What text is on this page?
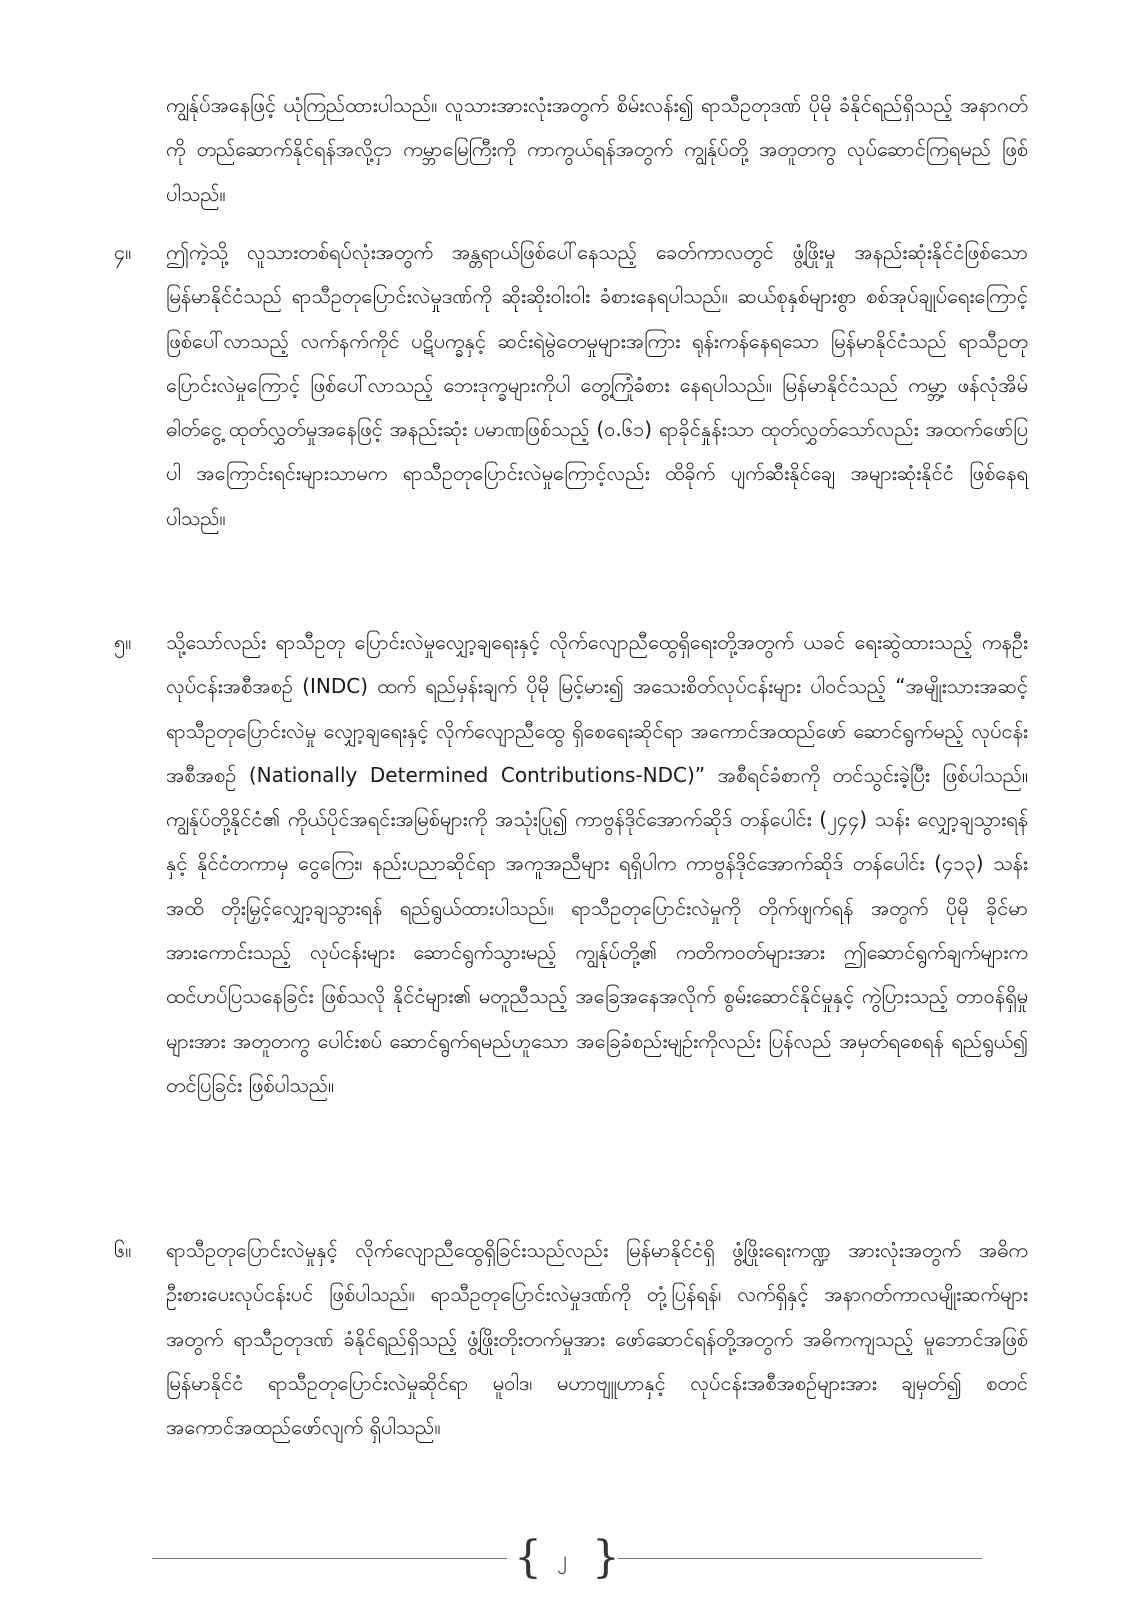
ကျွန်ုပ်အနေဖြင့် ယုံကြည်ထားပါသည်။ လူသားအားလုံးအတွက် စိမ်းလန်း၍ ရာသီဥတုဒဏ် ပိုမို ခံနိုင်ရည်ရှိသည့် အနာဂတ်ကို တည်ဆောက်နိုင်ရန်အလို့ငှာ ကမ္ဘာမြေကြီးကို ကာကွယ်ရန်အတွက် ကျွန်ုပ်တို့ အတူတကွ လုပ်ဆောင်ကြရမည် ဖြစ်ပါသည်။

၄။ ဤကဲ့သို့ လူသားတစ်ရပ်လုံးအတွက် အန္တရာယ်ဖြစ်ပေါ်နေသည့် ခေတ်ကာလတွင် ဖွံ့ဖြိုးမှု အနည်းဆုံးနိုင်ငံဖြစ်သော မြန်မာနိုင်ငံသည် ရာသီဥတုပြောင်းလဲမှုဒဏ်ကို ဆိုးဆိုးဝါးဝါး ခံစားနေရပါသည်။ ဆယ်စုနှစ်များစွာ စစ်အုပ်ချုပ်ရေးကြောင့် ဖြစ်ပေါ်လာသည့် လက်နက်ကိုင် ပဋိပက္ခနှင့် ဆင်းရဲမွဲတေမှုများအကြား ရုန်းကန်နေရသော မြန်မာနိုင်ငံသည် ရာသီဥတုပြောင်းလဲမှုကြောင့် ဖြစ်ပေါ်လာသည့် ဘေးဒုက္ခများကိုပါ တွေ့ကြုံခံစား နေရပါသည်။ မြန်မာနိုင်ငံသည် ကမ္ဘာ့ ဖန်လုံအိမ်ဓါတ်ငွေ့ ထုတ်လွှတ်မှုအနေဖြင့် အနည်းဆုံး ပမာဏဖြစ်သည့် (၀.၆၁) ရာခိုင်နှုန်းသာ ထုတ်လွှတ်သော်လည်း အထက်ဖော်ပြပါ အကြောင်းရင်းများသာမက ရာသီဥတုပြောင်းလဲမှုကြောင့်လည်း ထိခိုက် ပျက်ဆီးနိုင်ချေ အများဆုံးနိုင်ငံ ဖြစ်နေရပါသည်။

၅။ သို့သော်လည်း ရာသီဥတု ပြောင်းလဲမှုလျှော့ချရေးနှင့် လိုက်လျောညီထွေရှိရေးတို့အတွက် ယခင် ရေးဆွဲထားသည့် ကနဦး လုပ်ငန်းအစီအစဉ် (INDC) ထက် ရည်မှန်းချက် ပိုမို မြင့်မား၍ အသေးစိတ်လုပ်ငန်းများ ပါဝင်သည့် “အမျိုးသားအဆင့် ရာသီဥတုပြောင်းလဲမှု လျှော့ချရေးနှင့် လိုက်လျောညီထွေ ရှိစေရေးဆိုင်ရာ အကောင်အထည်ဖော် ဆောင်ရွက်မည့် လုပ်ငန်းအစီအစဉ် (Nationally Determined Contributions-NDC)” အစီရင်ခံစာကို တင်သွင်းခဲ့ပြီး ဖြစ်ပါသည်။ ကျွန်ုပ်တို့နိုင်ငံ၏ ကိုယ်ပိုင်အရင်းအမြစ်များကို အသုံးပြု၍ ကာဗွန်ဒိုင်အောက်ဆိုဒ် တန်ပေါင်း (၂၄၄) သန်း လျှော့ချသွားရန်နှင့် နိုင်ငံတကာမှ ငွေကြေး၊ နည်းပညာဆိုင်ရာ အကူအညီများ ရရှိပါက ကာဗွန်ဒိုင်အောက်ဆိုဒ် တန်ပေါင်း (၄၁၃) သန်း အထိ တိုးမြှင့်လျှော့ချသွားရန် ရည်ရွယ်ထားပါသည်။ ရာသီဥတုပြောင်းလဲမှုကို တိုက်ဖျက်ရန် အတွက် ပိုမို ခိုင်မာအားကောင်းသည့် လုပ်ငန်းများ ဆောင်ရွက်သွားမည့် ကျွန်ုပ်တို့၏ ကတိကဝတ်များအား ဤဆောင်ရွက်ချက်များက ထင်ဟပ်ပြသနေခြင်း ဖြစ်သလို နိုင်ငံများ၏ မတူညီသည့် အခြေအနေအလိုက် စွမ်းဆောင်နိုင်မှုနှင့် ကွဲပြားသည့် တာဝန်ရှိမှုများအား အတူတကွ ပေါင်းစပ် ဆောင်ရွက်ရမည်ဟူသော အခြေခံစည်းမျဉ်းကိုလည်း ပြန်လည် အမှတ်ရစေရန် ရည်ရွယ်၍ တင်ပြခြင်း ဖြစ်ပါသည်။

၆။ ရာသီဥတုပြောင်းလဲမှုနှင့် လိုက်လျောညီထွေရှိခြင်းသည်လည်း မြန်မာနိုင်ငံရှိ ဖွံ့ဖြိုးရေးကဏ္ဍ အားလုံးအတွက် အဓိက ဦးစားပေးလုပ်ငန်းပင် ဖြစ်ပါသည်။ ရာသီဥတုပြောင်းလဲမှုဒဏ်ကို တုံ့ပြန်ရန်၊ လက်ရှိနှင့် အနာဂတ်ကာလမျိုးဆက်များအတွက် ရာသီဥတုဒဏ် ခံနိုင်ရည်ရှိသည့် ဖွံ့ဖြိုးတိုးတက်မှုအား ဖော်ဆောင်ရန်တို့အတွက် အဓိကကျသည့် မူဘောင်အဖြစ် မြန်မာနိုင်ငံ ရာသီဥတုပြောင်းလဲမှုဆိုင်ရာ မူဝါဒ၊ မဟာဗျူဟာနှင့် လုပ်ငန်းအစီအစဉ်များအား ချမှတ်၍ စတင် အကောင်အထည်ဖော်လျက် ရှိပါသည်။

{ ၂ }
